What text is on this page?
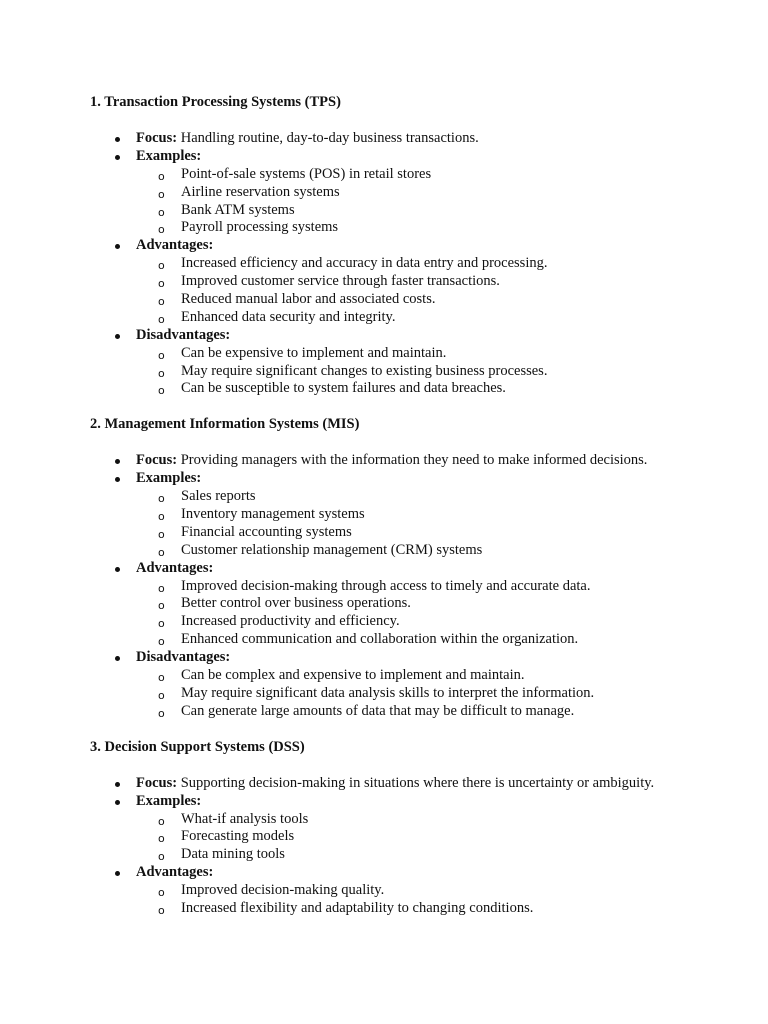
1. Transaction Processing Systems (TPS)
Focus: Handling routine, day-to-day business transactions.
Examples:
o Point-of-sale systems (POS) in retail stores
o Airline reservation systems
o Bank ATM systems
o Payroll processing systems
Advantages:
o Increased efficiency and accuracy in data entry and processing.
o Improved customer service through faster transactions.
o Reduced manual labor and associated costs.
o Enhanced data security and integrity.
Disadvantages:
o Can be expensive to implement and maintain.
o May require significant changes to existing business processes.
o Can be susceptible to system failures and data breaches.
2. Management Information Systems (MIS)
Focus: Providing managers with the information they need to make informed decisions.
Examples:
o Sales reports
o Inventory management systems
o Financial accounting systems
o Customer relationship management (CRM) systems
Advantages:
o Improved decision-making through access to timely and accurate data.
o Better control over business operations.
o Increased productivity and efficiency.
o Enhanced communication and collaboration within the organization.
Disadvantages:
o Can be complex and expensive to implement and maintain.
o May require significant data analysis skills to interpret the information.
o Can generate large amounts of data that may be difficult to manage.
3. Decision Support Systems (DSS)
Focus: Supporting decision-making in situations where there is uncertainty or ambiguity.
Examples:
o What-if analysis tools
o Forecasting models
o Data mining tools
Advantages:
o Improved decision-making quality.
o Increased flexibility and adaptability to changing conditions.
